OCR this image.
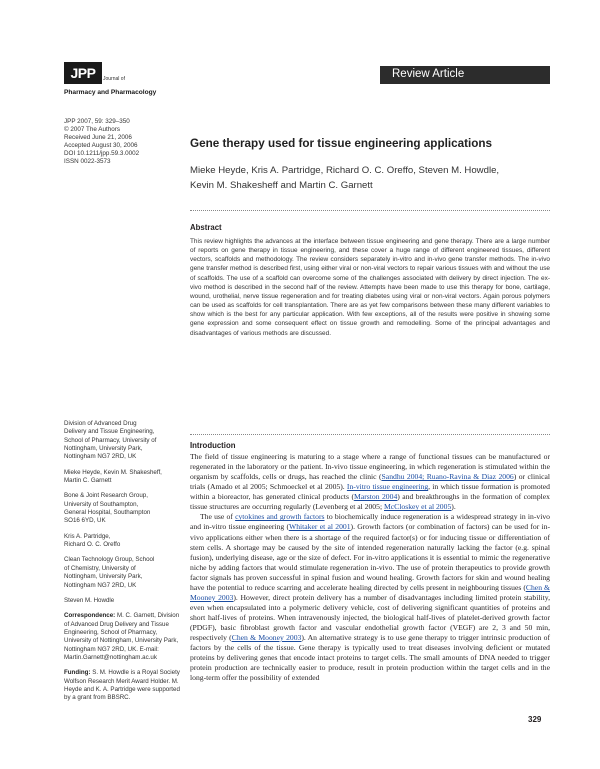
JPP	Journal of
Pharmacy and Pharmacology
Review Article
JPP 2007, 59: 329–350
© 2007 The Authors
Received June 21, 2006
Accepted August 30, 2006
DOI 10.1211/jpp.59.3.0002
ISSN 0022-3573
Gene therapy used for tissue engineering applications
Mieke Heyde, Kris A. Partridge, Richard O. C. Oreffo, Steven M. Howdle, Kevin M. Shakesheff and Martin C. Garnett
Abstract
This review highlights the advances at the interface between tissue engineering and gene therapy. There are a large number of reports on gene therapy in tissue engineering, and these cover a huge range of different engineered tissues, different vectors, scaffolds and methodology. The review considers separately in-vitro and in-vivo gene transfer methods. The in-vivo gene transfer method is described first, using either viral or non-viral vectors to repair various tissues with and without the use of scaffolds. The use of a scaffold can overcome some of the challenges associated with delivery by direct injection. The ex-vivo method is described in the second half of the review. Attempts have been made to use this therapy for bone, cartilage, wound, urothelial, nerve tissue regeneration and for treating diabetes using viral or non-viral vectors. Again porous polymers can be used as scaffolds for cell transplantation. There are as yet few comparisons between these many different variables to show which is the best for any particular application. With few exceptions, all of the results were positive in showing some gene expression and some consequent effect on tissue growth and remodelling. Some of the principal advantages and disadvantages of various methods are discussed.
Introduction

The field of tissue engineering is maturing to a stage where a range of functional tissues can be manufactured or regenerated in the laboratory or the patient. In-vivo tissue engineering, in which regeneration is stimulated within the organism by scaffolds, cells or drugs, has reached the clinic (Sandhu 2004; Ruano-Ravina & Diaz 2006) or clinical trials (Amado et al 2005; Schmoeckel et al 2005). In-vitro tissue engineering, in which tissue formation is promoted within a bioreactor, has generated clinical products (Marston 2004) and breakthroughs in the formation of complex tissue structures are occurring regularly (Levenberg et al 2005; McCloskey et al 2005).

The use of cytokines and growth factors to biochemically induce regeneration is a widespread strategy in in-vivo and in-vitro tissue engineering (Whitaker et al 2001). Growth factors (or combination of factors) can be used for in-vivo applications either when there is a shortage of the required factor(s) or for inducing tissue or differentiation of stem cells. A shortage may be caused by the site of intended regeneration naturally lacking the factor (e.g. spinal fusion), underlying disease, age or the size of defect. For in-vitro applications it is essential to mimic the regenerative niche by adding factors that would stimulate regeneration in-vivo. The use of protein therapeutics to provide growth factor signals has proven successful in spinal fusion and wound healing. Growth factors for skin and wound healing have the potential to reduce scarring and accelerate healing directed by cells present in neighbouring tissues (Chen & Mooney 2003). However, direct protein delivery has a number of disadvantages including limited protein stability, even when encapsulated into a polymeric delivery vehicle, cost of delivering significant quantities of proteins and short half-lives of proteins. When intravenously injected, the biological half-lives of platelet-derived growth factor (PDGF), basic fibroblast growth factor and vascular endothelial growth factor (VEGF) are 2, 3 and 50 min, respectively (Chen & Mooney 2003). An alternative strategy is to use gene therapy to trigger intrinsic production of factors by the cells of the tissue. Gene therapy is typically used to treat diseases involving deficient or mutated proteins by delivering genes that encode intact proteins to target cells. The small amounts of DNA needed to trigger protein production are technically easier to produce, result in protein production within the target cells and in the long-term offer the possibility of extended

Division of Advanced Drug
Delivery and Tissue Engineering,
School of Pharmacy, University of
Nottingham, University Park,
Nottingham NG7 2RD, UK
Mieke Heyde, Kevin M. Shakesheff,
Martin C. Garnett
Bone & Joint Research Group,
University of Southampton,
General Hospital, Southampton
SO16 6YD, UK
Kris A. Partridge,
Richard O. C. Oreffo
Clean Technology Group, School
of Chemistry, University of
Nottingham, University Park,
Nottingham NG7 2RD, UK
Steven M. Howdle
Correspondence: M. C. Garnett, Division of Advanced Drug Delivery and Tissue Engineering, School of Pharmacy, University of Nottingham, University Park, Nottingham NG7 2RD, UK. E-mail: Martin.Garnett@nottingham.ac.uk
Funding: S. M. Howdle is a Royal Society Wolfson Research Merit Award Holder. M. Heyde and K. A. Partridge were supported by a grant from BBSRC.
329
